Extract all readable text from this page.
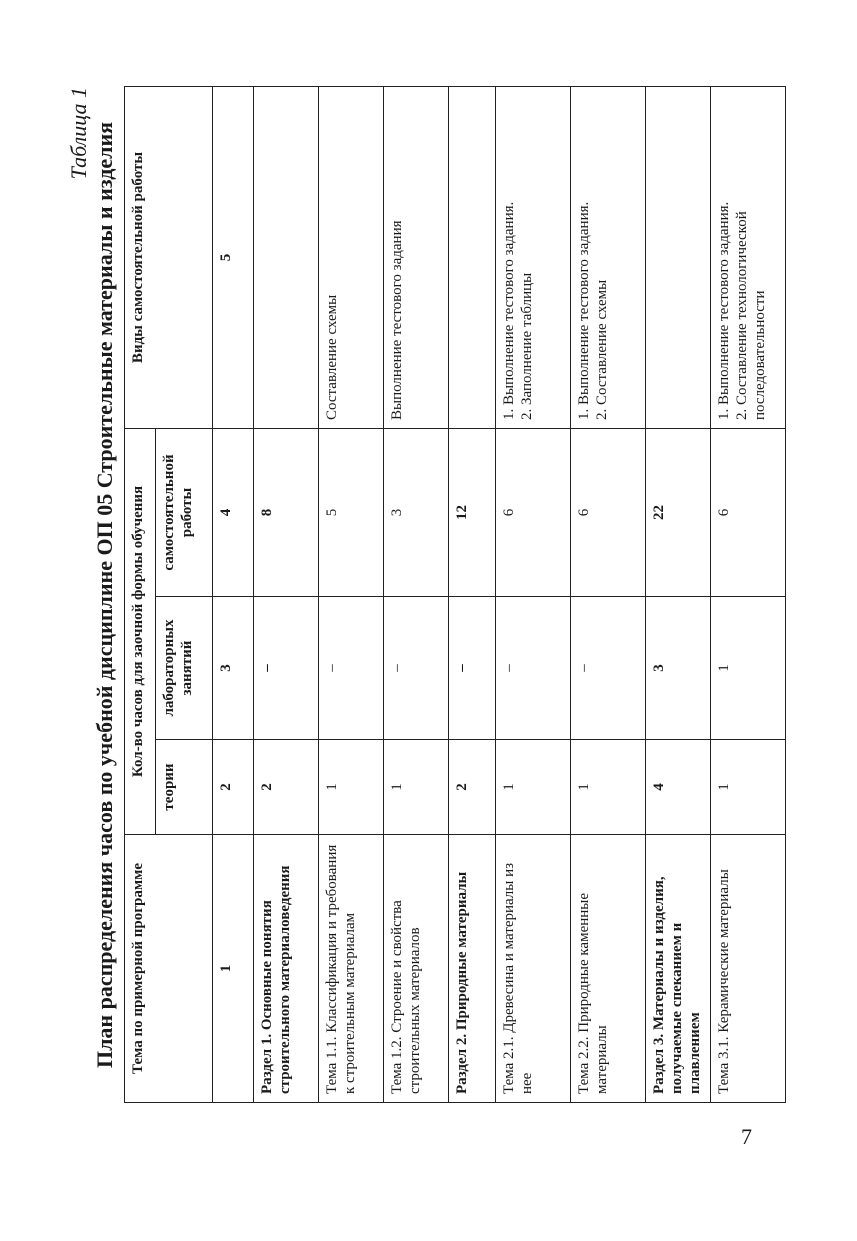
7
Таблица 1 План распределения часов по учебной дисциплине ОП 05 Строительные материалы и изделия Тема по примерной программе	Кол-во часов для заочной формы обучения			Виды самостоятельной работы
	теории	лабораторных занятий	самостоятельной работы	
1	2	3	4	5
Раздел 1. Основные понятия строительного материаловедения	2	–	8	
Тема 1.1. Классификация и требования к строительным материалам	1	–	5	Составление схемы
Тема 1.2. Строение и свойства строительных материалов	1	–	3	Выполнение тестового задания
Раздел 2. Природные материалы	2	–	12	
Тема 2.1. Древесина и материалы из нее	1	–	6	1. Выполнение тестового задания.
2. Заполнение таблицы
Тема 2.2. Природные каменные материалы	1	–	6	1. Выполнение тестового задания.
2. Составление схемы
Раздел 3. Материалы и изделия, получаемые спеканием и плавлением	4	3	22	
Тема 3.1. Керамические материалы	1	1	6	1. Выполнение тестового задания.
2. Составление технологической последовательности
